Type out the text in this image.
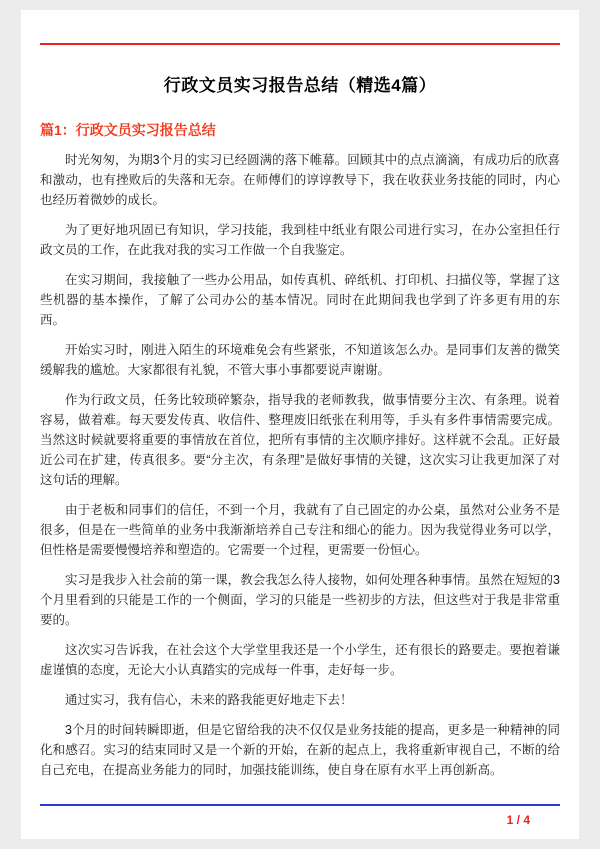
行政文员实习报告总结（精选4篇）
篇1：行政文员实习报告总结

时光匆匆，为期3个月的实习已经圆满的落下帷幕。回顾其中的点点滴滴，有成功后的欣喜和激动，也有挫败后的失落和无奈。在师傅们的谆谆教导下，我在收获业务技能的同时，内心也经历着微妙的成长。

为了更好地巩固已有知识，学习技能，我到桂中纸业有限公司进行实习，在办公室担任行政文员的工作，在此我对我的实习工作做一个自我鉴定。

在实习期间，我接触了一些办公用品，如传真机、碎纸机、打印机、扫描仪等，掌握了这些机器的基本操作，了解了公司办公的基本情况。同时在此期间我也学到了许多更有用的东西。

开始实习时，刚进入陌生的环境难免会有些紧张，不知道该怎么办。是同事们友善的微笑缓解我的尴尬。大家都很有礼貌，不管大事小事都要说声谢谢。

作为行政文员，任务比较琐碎繁杂，指导我的老师教我，做事情要分主次、有条理。说着容易，做着难。每天要发传真、收信件、整理废旧纸张在利用等，手头有多件事情需要完成。当然这时候就要将重要的事情放在首位，把所有事情的主次顺序排好。这样就不会乱。正好最近公司在扩建，传真很多。要“分主次，有条理”是做好事情的关键，这次实习让我更加深了对这句话的理解。

由于老板和同事们的信任，不到一个月，我就有了自己固定的办公桌，虽然对公业务不是很多，但是在一些简单的业务中我渐渐培养自己专注和细心的能力。因为我觉得业务可以学，但性格是需要慢慢培养和塑造的。它需要一个过程，更需要一份恒心。

实习是我步入社会前的第一课，教会我怎么待人接物，如何处理各种事情。虽然在短短的3个月里看到的只能是工作的一个侧面，学习的只能是一些初步的方法，但这些对于我是非常重要的。

这次实习告诉我，在社会这个大学堂里我还是一个小学生，还有很长的路要走。要抱着谦虚谨慎的态度，无论大小认真踏实的完成每一件事，走好每一步。

通过实习，我有信心，未来的路我能更好地走下去！

3个月的时间转瞬即逝，但是它留给我的决不仅仅是业务技能的提高，更多是一种精神的同化和感召。实习的结束同时又是一个新的开始，在新的起点上，我将重新审视自己，不断的给自己充电，在提高业务能力的同时，加强技能训练，使自身在原有水平上再创新高。

1 / 4
